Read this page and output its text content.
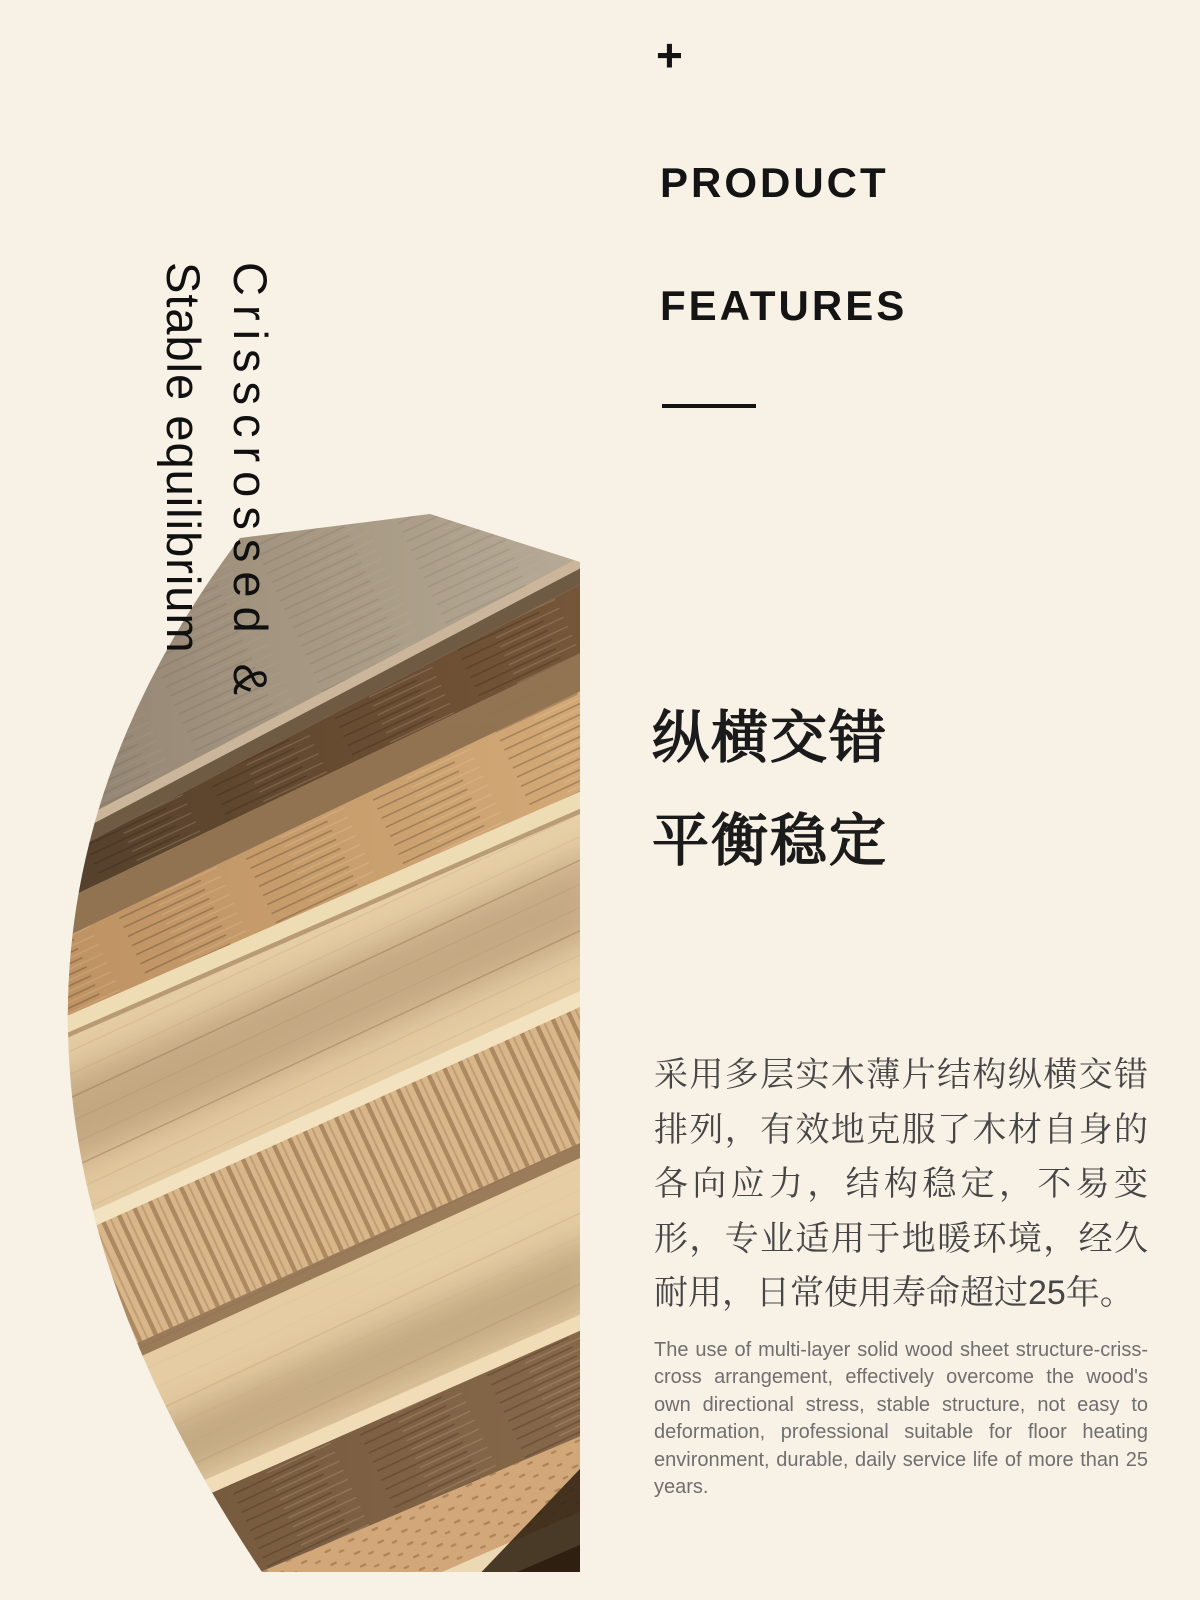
+
PRODUCT
FEATURES
Crisscrossed &
Stable equilibrium
纵横交错
平衡稳定
采用多层实木薄片结构纵横交错排列，有效地克服了木材自身的各向应力，结构稳定，不易变形，专业适用于地暖环境，经久耐用，日常使用寿命超过25年。
The use of multi-layer solid wood sheet structure-criss-cross arrangement, effectively overcome the wood's own directional stress, stable structure, not easy to deformation, professional suitable for floor heating environment, durable, daily service life of more than 25 years.
